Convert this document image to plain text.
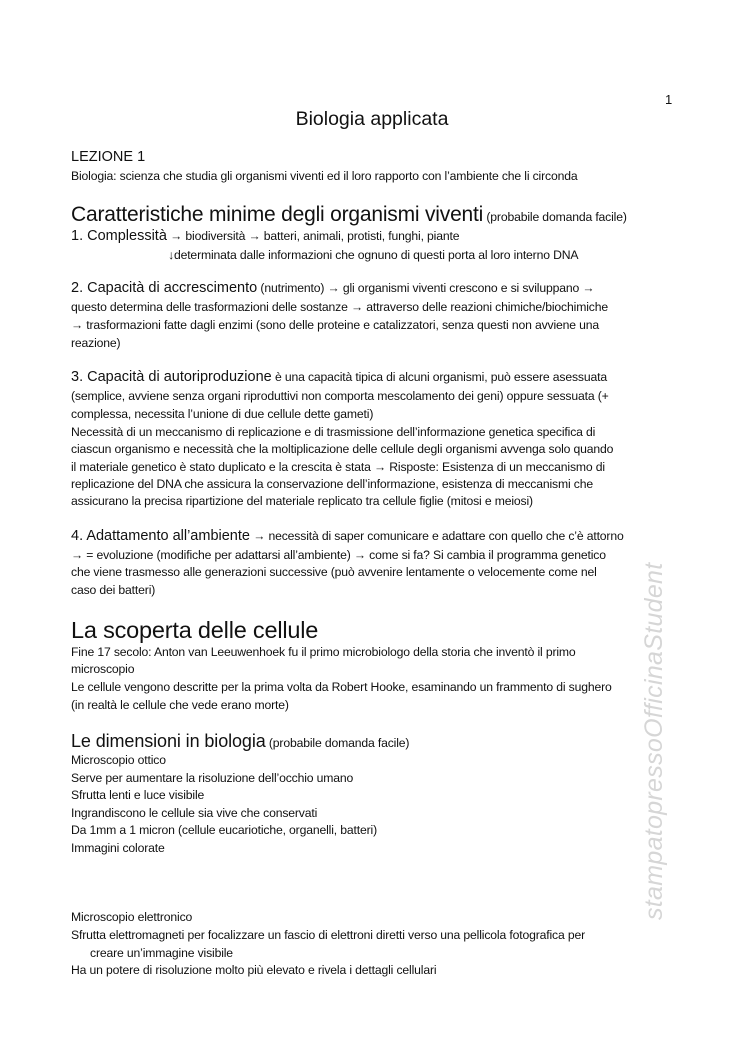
1
Biologia applicata
LEZIONE 1
Biologia: scienza che studia gli organismi viventi ed il loro rapporto con l’ambiente che li circonda
Caratteristiche minime degli organismi viventi (probabile domanda facile)
1. Complessità → biodiversità → batteri, animali, protisti, funghi, piante
↓determinata dalle informazioni che ognuno di questi porta al loro interno DNA
2. Capacità di accrescimento (nutrimento) → gli organismi viventi crescono e si sviluppano →
questo determina delle trasformazioni delle sostanze → attraverso delle reazioni chimiche/biochimiche
→ trasformazioni fatte dagli enzimi (sono delle proteine e catalizzatori, senza questi non avviene una
reazione)
3. Capacità di autoriproduzione è una capacità tipica di alcuni organismi, può essere asessuata
(semplice, avviene senza organi riproduttivi non comporta mescolamento dei geni) oppure sessuata (+
complessa, necessita l’unione di due cellule dette gameti)
Necessità di un meccanismo di replicazione e di trasmissione dell’informazione genetica specifica di
ciascun organismo e necessità che la moltiplicazione delle cellule degli organismi avvenga solo quando
il materiale genetico è stato duplicato e la crescita è stata → Risposte: Esistenza di un meccanismo di
replicazione del DNA che assicura la conservazione dell’informazione, esistenza di meccanismi che
assicurano la precisa ripartizione del materiale replicato tra cellule figlie (mitosi e meiosi)
4. Adattamento all’ambiente → necessità di saper comunicare e adattare con quello che c’è attorno
→ = evoluzione (modifiche per adattarsi all’ambiente) → come si fa? Si cambia il programma genetico
che viene trasmesso alle generazioni successive (può avvenire lentamente o velocemente come nel
caso dei batteri)
La scoperta delle cellule
Fine 17 secolo: Anton van Leeuwenhoek fu il primo microbiologo della storia che inventò il primo
microscopio
Le cellule vengono descritte per la prima volta da Robert Hooke, esaminando un frammento di sughero
(in realtà le cellule che vede erano morte)
Le dimensioni in biologia (probabile domanda facile)
Microscopio ottico
Serve per aumentare la risoluzione dell’occhio umano
Sfrutta lenti e luce visibile
Ingrandiscono le cellule sia vive che conservati
Da 1mm a 1 micron (cellule eucariotiche, organelli, batteri)
Immagini colorate
Microscopio elettronico
Sfrutta elettromagneti per focalizzare un fascio di elettroni diretti verso una pellicola fotografica per
creare un’immagine visibile
Ha un potere di risoluzione molto più elevato e rivela i dettagli cellulari
stampatopressoOfficinaStudent
